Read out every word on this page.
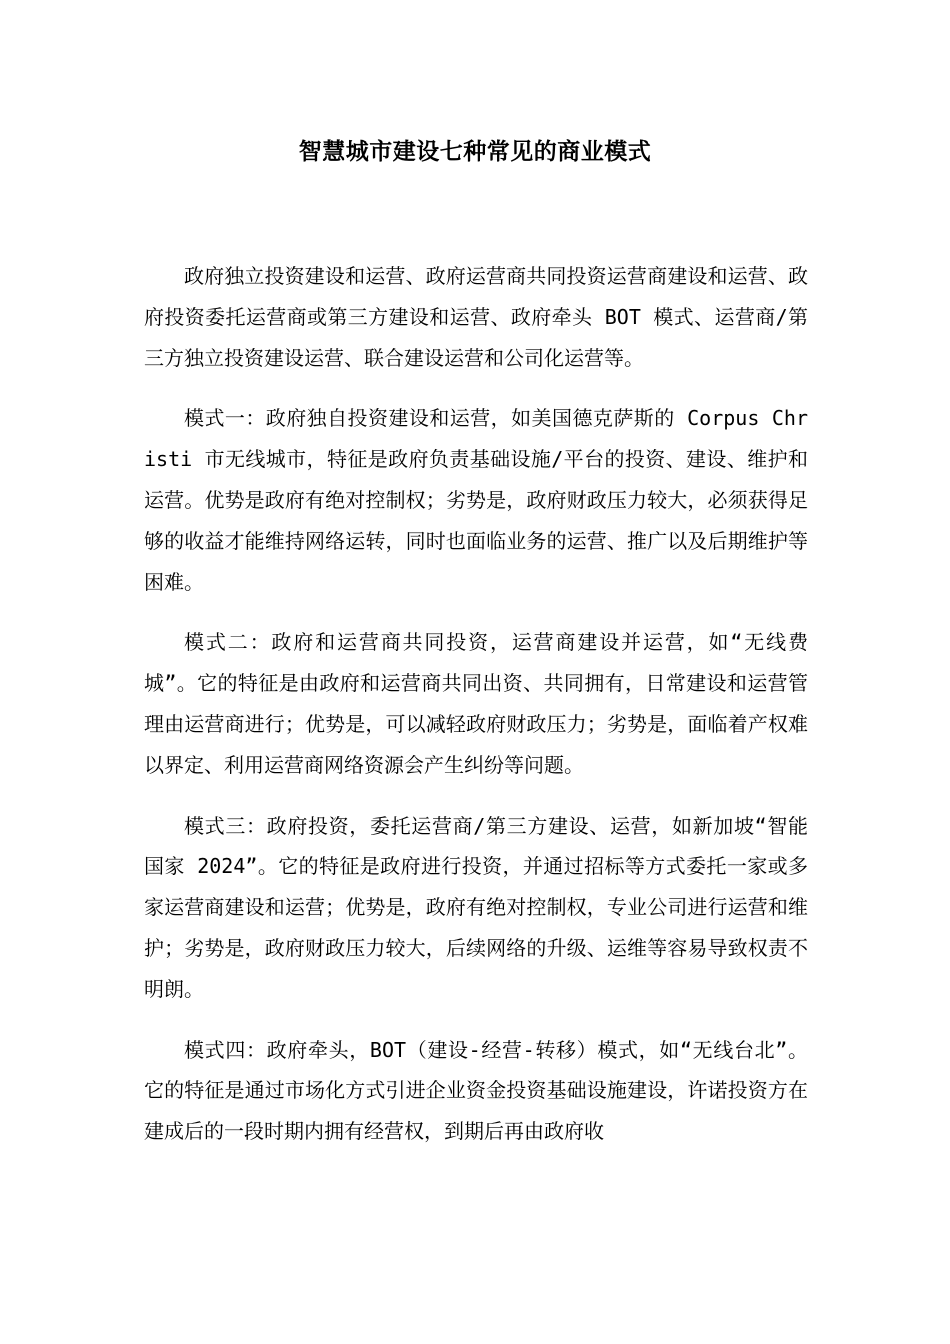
智慧城市建设七种常见的商业模式

政府独立投资建设和运营、政府运营商共同投资运营商建设和运营、政府投资委托运营商或第三方建设和运营、政府牵头 BOT 模式、运营商/第三方独立投资建设运营、联合建设运营和公司化运营等。

模式一：政府独自投资建设和运营，如美国德克萨斯的 Corpus Christi 市无线城市，特征是政府负责基础设施/平台的投资、建设、维护和运营。优势是政府有绝对控制权；劣势是，政府财政压力较大，必须获得足够的收益才能维持网络运转，同时也面临业务的运营、推广以及后期维护等困难。

模式二：政府和运营商共同投资，运营商建设并运营，如“无线费城”。它的特征是由政府和运营商共同出资、共同拥有，日常建设和运营管理由运营商进行；优势是，可以减轻政府财政压力；劣势是，面临着产权难以界定、利用运营商网络资源会产生纠纷等问题。

模式三：政府投资，委托运营商/第三方建设、运营，如新加坡“智能国家 2024”。它的特征是政府进行投资，并通过招标等方式委托一家或多家运营商建设和运营；优势是，政府有绝对控制权，专业公司进行运营和维护；劣势是，政府财政压力较大，后续网络的升级、运维等容易导致权责不明朗。

模式四：政府牵头，BOT（建设-经营-转移）模式，如“无线台北”。它的特征是通过市场化方式引进企业资金投资基础设施建设，许诺投资方在建成后的一段时期内拥有经营权，到期后再由政府收
